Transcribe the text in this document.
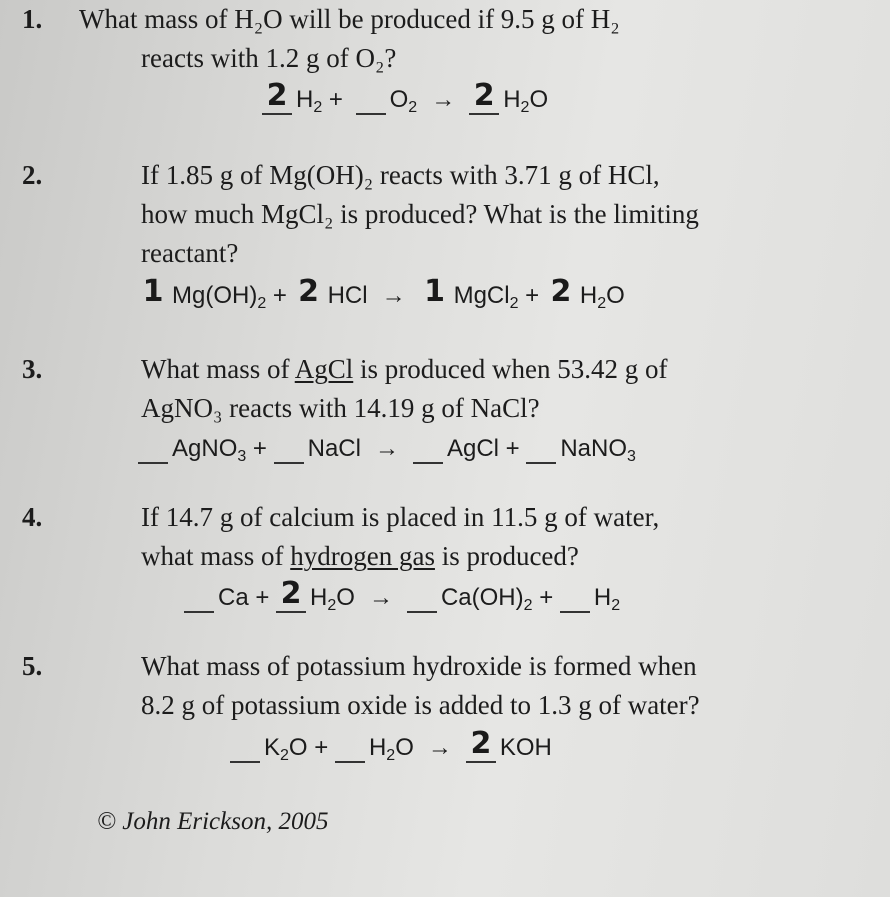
1. What mass of H₂O will be produced if 9.5 g of H₂
reacts with 1.2 g of O₂?
2 $H_2 + O_2 \to 2$ $H_2O$
2.	If 1.85 g of Mg(OH)₂ reacts with 3.71 g of HCl,
how much MgCl₂ is produced? What is the limiting
reactant?
1 $Mg(OH)_2 + 2$ HCl → 1 MgCl$_2$ + 2 $H_2O$
3.	What mass of AgCl is produced when 53.42 g of
AgNO₃ reacts with 14.19 g of NaCl?
AgNO$_3$ + NaCl → AgCl + NaNO$_3$
4.	If 14.7 g of calcium is placed in 11.5 g of water,
what mass of hydrogen gas is produced?
Ca + 2 $H_2O \to Ca(OH)_2 + H_2$
5.	What mass of potassium hydroxide is formed when
8.2 g of potassium oxide is added to 1.3 g of water?
$K_2O + H_2O \to 2$ KOH
© John Erickson, 2005
